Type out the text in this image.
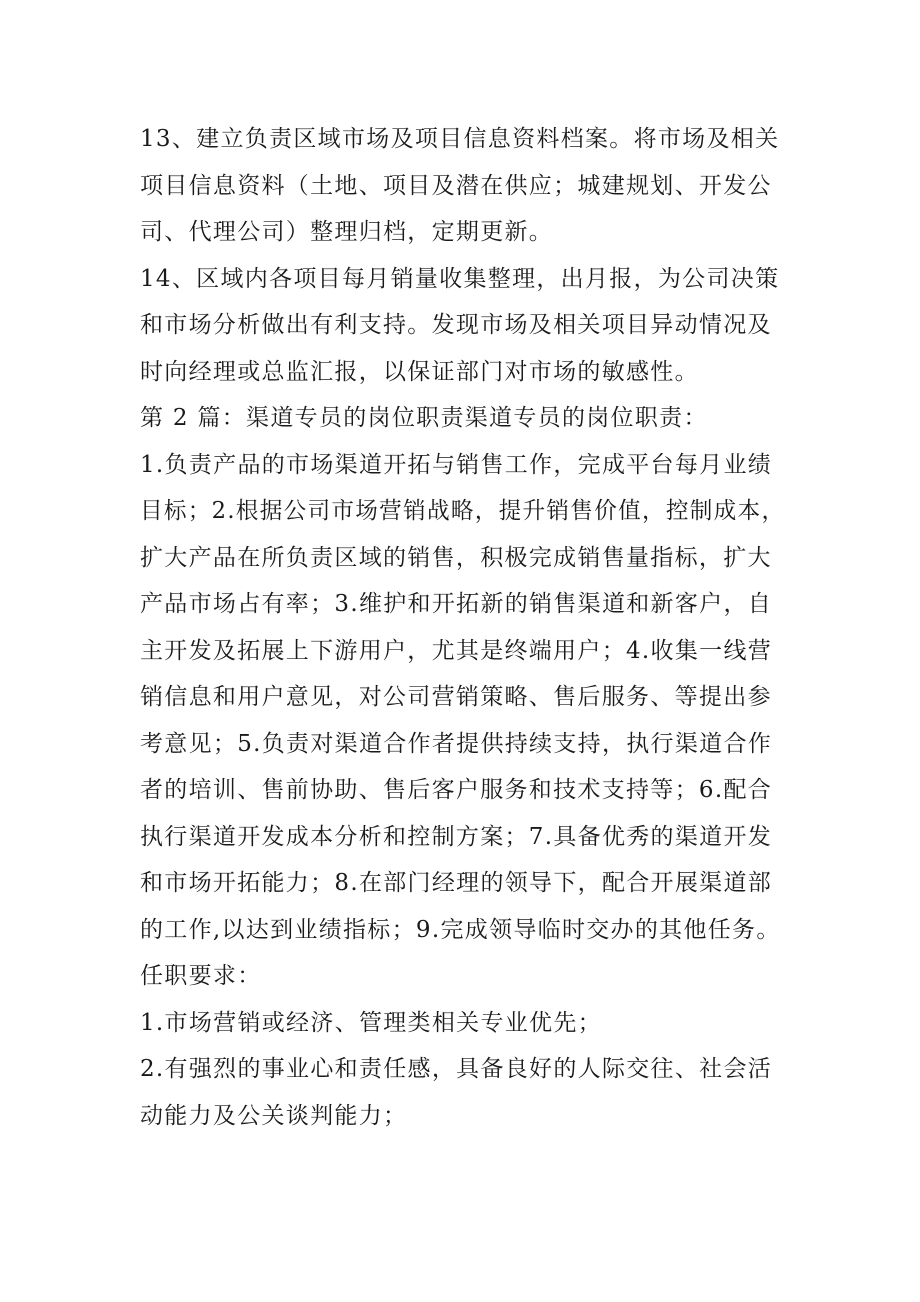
13、建立负责区域市场及项目信息资料档案。将市场及相关
项目信息资料（土地、项目及潜在供应；城建规划、开发公
司、代理公司）整理归档，定期更新。
14、区域内各项目每月销量收集整理，出月报，为公司决策
和市场分析做出有利支持。发现市场及相关项目异动情况及
时向经理或总监汇报，以保证部门对市场的敏感性。
第 2 篇：渠道专员的岗位职责渠道专员的岗位职责：
1.负责产品的市场渠道开拓与销售工作，完成平台每月业绩
目标；2.根据公司市场营销战略，提升销售价值，控制成本，
扩大产品在所负责区域的销售，积极完成销售量指标，扩大
产品市场占有率；3.维护和开拓新的销售渠道和新客户，自
主开发及拓展上下游用户，尤其是终端用户；4.收集一线营
销信息和用户意见，对公司营销策略、售后服务、等提出参
考意见；5.负责对渠道合作者提供持续支持，执行渠道合作
者的培训、售前协助、售后客户服务和技术支持等；6.配合
执行渠道开发成本分析和控制方案；7.具备优秀的渠道开发
和市场开拓能力；8.在部门经理的领导下，配合开展渠道部
的工作,以达到业绩指标；9.完成领导临时交办的其他任务。
任职要求：
1.市场营销或经济、管理类相关专业优先；
2.有强烈的事业心和责任感，具备良好的人际交往、社会活
动能力及公关谈判能力；
